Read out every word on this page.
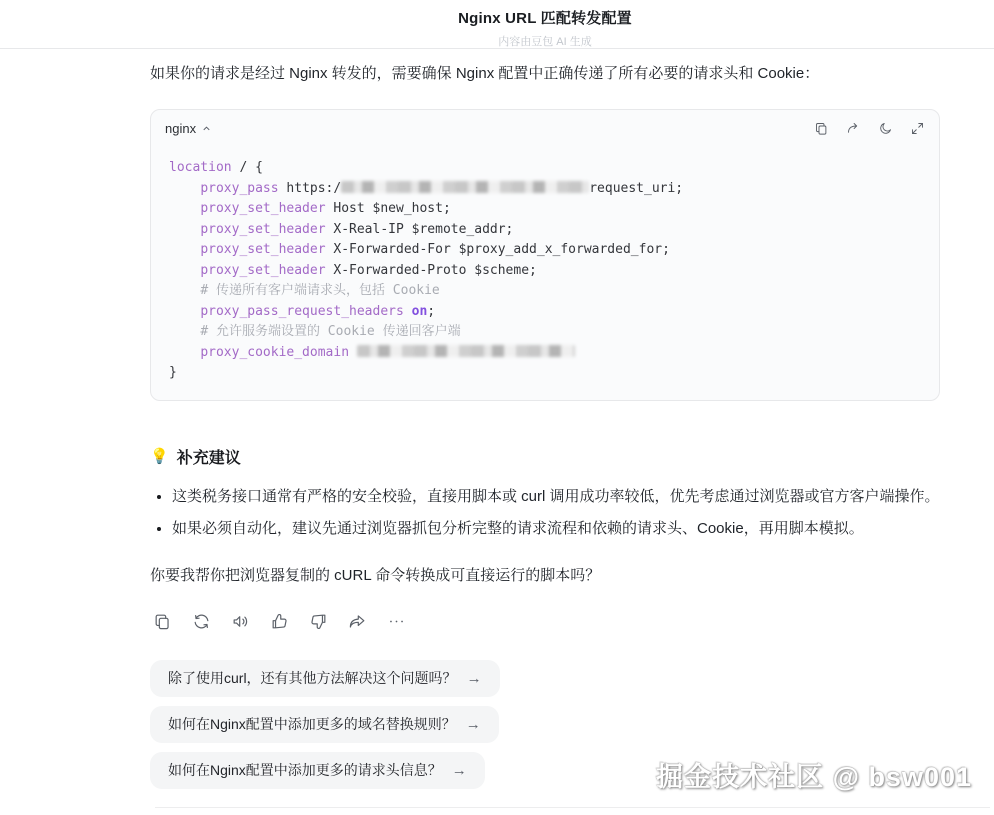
Nginx URL 匹配转发配置
内容由豆包 AI 生成

如果你的请求是经过 Nginx 转发的，需要确保 Nginx 配置中正确传递了所有必要的请求头和 Cookie：

nginx
location / {
proxy_pass https:/	request_uri;
proxy_set_header Host $new_host;
proxy_set_header X-Real-IP $remote_addr;
proxy_set_header X-Forwarded-For $proxy_add_x_forwarded_for;
proxy_set_header X-Forwarded-Proto $scheme;
# 传递所有客户端请求头，包括 Cookie
proxy_pass_request_headers on;
# 允许服务端设置的 Cookie 传递回客户端
proxy_cookie_domain
}
💡 补充建议
• 这类税务接口通常有严格的安全校验，直接用脚本或 curl 调用成功率较低，优先考虑通过浏览器或官方客户端操作。
• 如果必须自动化，建议先通过浏览器抓包分析完整的请求流程和依赖的请求头、Cookie，再用脚本模拟。

你要我帮你把浏览器复制的 cURL 命令转换成可直接运行的脚本吗？

除了使用curl，还有其他方法解决这个问题吗？ →
如何在Nginx配置中添加更多的域名替换规则？ →
如何在Nginx配置中添加更多的请求头信息？ →	掘金技术社区 @ bsw001
